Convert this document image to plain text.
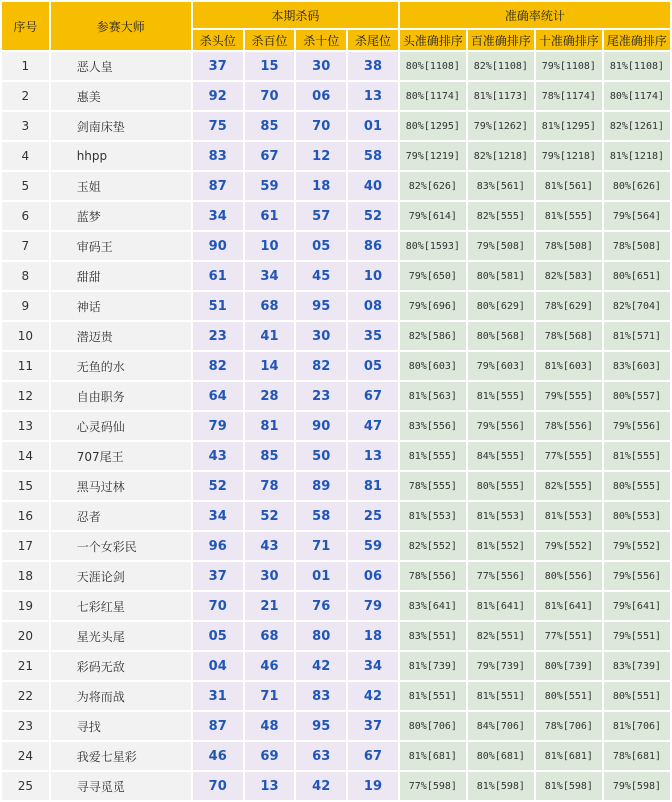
序号	参赛大师	本期杀码				准确率统计			
		杀头位	杀百位	杀十位	杀尾位	头准确排序	百准确排序	十准确排序	尾准确排序
1	恶人皇	37	15	30	38	80%[1108]	82%[1108]	79%[1108]	81%[1108]
2	惠美	92	70	06	13	80%[1174]	81%[1173]	78%[1174]	80%[1174]
3	剑南床垫	75	85	70	01	80%[1295]	79%[1262]	81%[1295]	82%[1261]
4	hhpp	83	67	12	58	79%[1219]	82%[1218]	79%[1218]	81%[1218]
5	玉姐	87	59	18	40	82%[626]	83%[561]	81%[561]	80%[626]
6	蓝梦	34	61	57	52	79%[614]	82%[555]	81%[555]	79%[564]
7	审码王	90	10	05	86	80%[1593]	79%[508]	78%[508]	78%[508]
8	甜甜	61	34	45	10	79%[650]	80%[581]	82%[583]	80%[651]
9	神话	51	68	95	08	79%[696]	80%[629]	78%[629]	82%[704]
10	潜迈贵	23	41	30	35	82%[586]	80%[568]	78%[568]	81%[571]
11	无鱼的水	82	14	82	05	80%[603]	79%[603]	81%[603]	83%[603]
12	自由职务	64	28	23	67	81%[563]	81%[555]	79%[555]	80%[557]
13	心灵码仙	79	81	90	47	83%[556]	79%[556]	78%[556]	79%[556]
14	707尾王	43	85	50	13	81%[555]	84%[555]	77%[555]	81%[555]
15	黑马过林	52	78	89	81	78%[555]	80%[555]	82%[555]	80%[555]
16	忍者	34	52	58	25	81%[553]	81%[553]	81%[553]	80%[553]
17	一个女彩民	96	43	71	59	82%[552]	81%[552]	79%[552]	79%[552]
18	天涯论剑	37	30	01	06	78%[556]	77%[556]	80%[556]	79%[556]
19	七彩红星	70	21	76	79	83%[641]	81%[641]	81%[641]	79%[641]
20	星光头尾	05	68	80	18	83%[551]	82%[551]	77%[551]	79%[551]
21	彩码无敌	04	46	42	34	81%[739]	79%[739]	80%[739]	83%[739]
22	为将而战	31	71	83	42	81%[551]	81%[551]	80%[551]	80%[551]
23	寻找	87	48	95	37	80%[706]	84%[706]	78%[706]	81%[706]
24	我爱七星彩	46	69	63	67	81%[681]	80%[681]	81%[681]	78%[681]
25	寻寻觅觅	70	13	42	19	77%[598]	81%[598]	81%[598]	79%[598]
